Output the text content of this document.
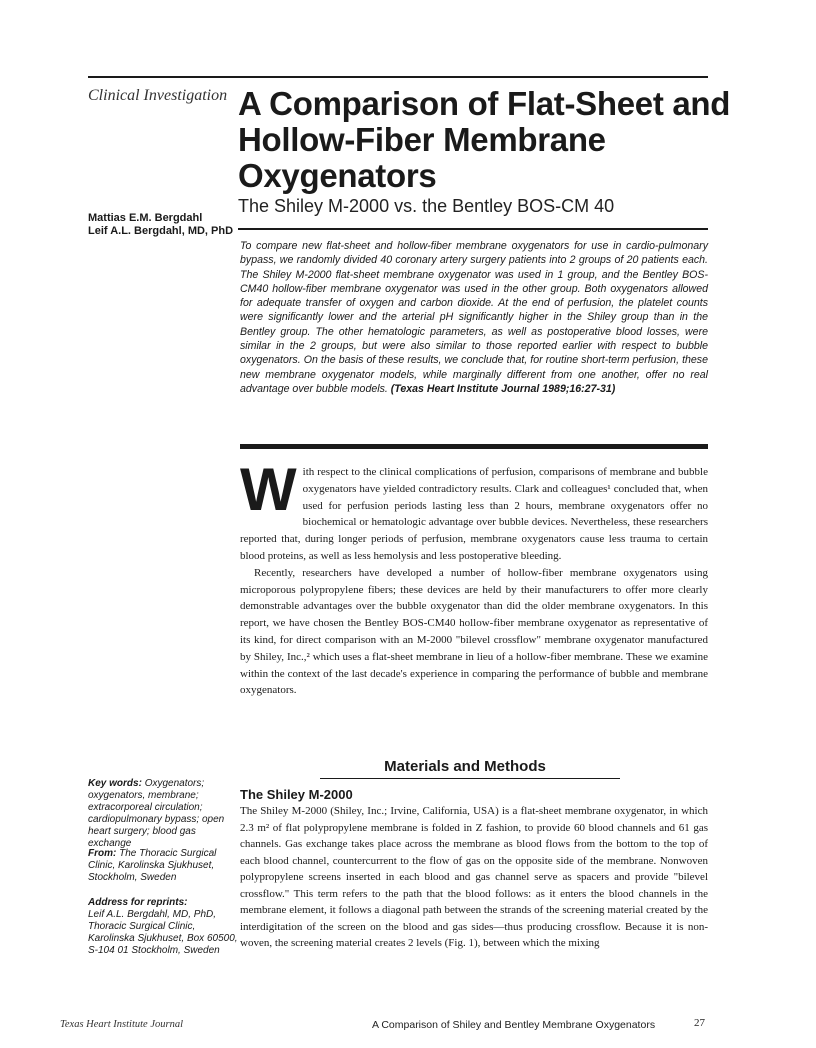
Clinical Investigation A Comparison of Flat-Sheet and Hollow-Fiber Membrane Oxygenators
The Shiley M-2000 vs. the Bentley BOS-CM 40
Mattias E.M. Bergdahl
Leif A.L. Bergdahl, MD, PhD
To compare new flat-sheet and hollow-fiber membrane oxygenators for use in cardio-pulmonary bypass, we randomly divided 40 coronary artery surgery patients into 2 groups of 20 patients each. The Shiley M-2000 flat-sheet membrane oxygenator was used in 1 group, and the Bentley BOS-CM40 hollow-fiber membrane oxygenator was used in the other group. Both oxygenators allowed for adequate transfer of oxygen and carbon dioxide. At the end of perfusion, the platelet counts were significantly lower and the arterial pH significantly higher in the Shiley group than in the Bentley group. The other hematologic parameters, as well as postoperative blood losses, were similar in the 2 groups, but were also similar to those reported earlier with respect to bubble oxygenators. On the basis of these results, we conclude that, for routine short-term perfusion, these new membrane oxygenator models, while marginally different from one another, offer no real advantage over bubble models. (Texas Heart Institute Journal 1989;16:27-31)

With respect to the clinical complications of perfusion, comparisons of membrane and bubble oxygenators have yielded contradictory results. Clark and colleagues¹ concluded that, when used for perfusion periods lasting less than 2 hours, membrane oxygenators offer no biochemical or hematologic advantage over bubble devices. Nevertheless, these researchers reported that, during longer periods of perfusion, membrane oxygenators cause less trauma to certain blood proteins, as well as less hemolysis and less postoperative bleeding.

Recently, researchers have developed a number of hollow-fiber membrane oxygenators using microporous polypropylene fibers; these devices are held by their manufacturers to offer more clearly demonstrable advantages over the bubble oxygenator than did the older membrane oxygenators. In this report, we have chosen the Bentley BOS-CM40 hollow-fiber membrane oxygenator as representative of its kind, for direct comparison with an M-2000 "bilevel crossflow" membrane oxygenator manufactured by Shiley, Inc.,² which uses a flat-sheet membrane in lieu of a hollow-fiber membrane. These we examine within the context of the last decade's experience in comparing the performance of bubble and membrane oxygenators.

Materials and Methods
The Shiley M-2000

The Shiley M-2000 (Shiley, Inc.; Irvine, California, USA) is a flat-sheet membrane oxygenator, in which 2.3 m² of flat polypropylene membrane is folded in Z fashion, to provide 60 blood channels and 61 gas channels. Gas exchange takes place across the membrane as blood flows from the bottom to the top of each blood channel, countercurrent to the flow of gas on the opposite side of the membrane. Nonwoven polypropylene screens inserted in each blood and gas channel serve as spacers and provide "bilevel crossflow." This term refers to the path that the blood follows: as it enters the blood channels in the membrane element, it follows a diagonal path between the strands of the screening material created by the interdigitation of the screen on the blood and gas sides—thus producing crossflow. Because it is non-woven, the screening material creates 2 levels (Fig. 1), between which the mixing

Key words: Oxygenators; oxygenators, membrane; extracorporeal circulation; cardiopulmonary bypass; open heart surgery; blood gas exchange
From: The Thoracic Surgical Clinic, Karolinska Sjukhuset, Stockholm, Sweden
Address for reprints:
Leif A.L. Bergdahl, MD, PhD, Thoracic Surgical Clinic, Karolinska Sjukhuset, Box 60500, S-104 01 Stockholm, Sweden
Texas Heart Institute Journal	A Comparison of Shiley and Bentley Membrane Oxygenators	27
